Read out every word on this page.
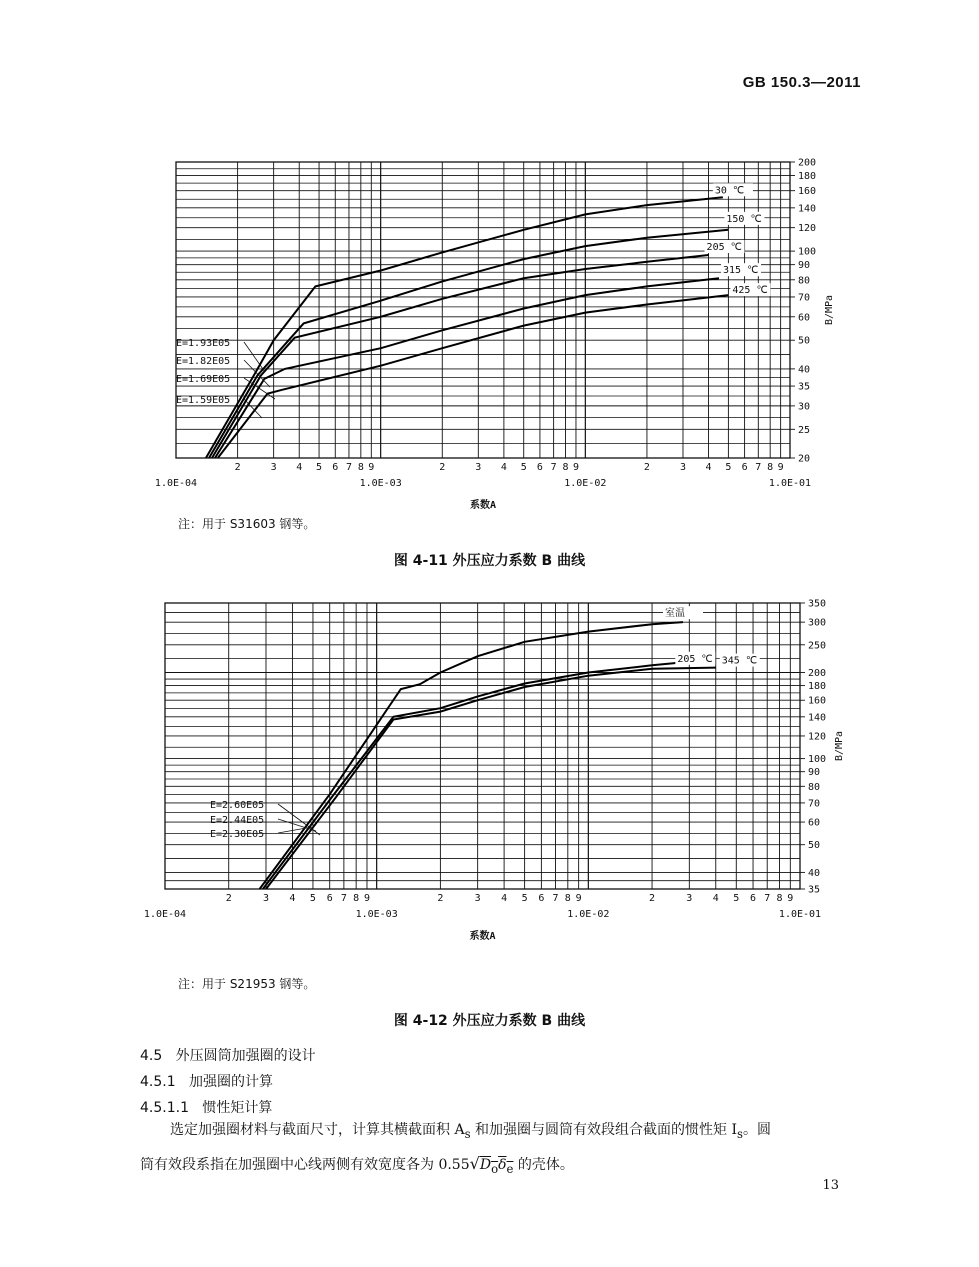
GB 150.3—2011
2	3 4 5 6 7 8 9	2	3 4 5 6 7 8 9	2	3 4 5 6 7 8 9
1.0E-04	1.0E-03	1.0E-02	1.0E-01
系数A
20
25
30
35
40
50
60
70
80
90
100
120
140
160
180
200
B/MPa
30 ℃
150 ℃
205 ℃
315 ℃
425 ℃
E=1.93E05
E=1.82E05
E=1.69E05
E=1.59E05
注：用于 S31603 钢等。
图 4-11 外压应力系数 B 曲线
2	3 4 5 6 7 8 9	2	3 4 5 6 7 8 9	2	3 4 5 6 7 8 9
1.0E-04	1.0E-03	1.0E-02	1.0E-01
系数A
35
40
50
60
70
80
90
100
120
140
160
180
200
250
300
350
B/MPa
室温
205 ℃ 345 ℃
E=2.60E05
E=2.44E05
E=2.30E05
注：用于 S21953 钢等。
图 4-12 外压应力系数 B 曲线
4.5 外压圆筒加强圈的设计
4.5.1 加强圈的计算
4.5.1.1 惯性矩计算
选定加强圈材料与截面尺寸，计算其横截面积 $A_s$ 和加强圈与圆筒有效段组合截面的惯性矩 $I_s$。圆
筒有效段系指在加强圈中心线两侧有效宽度各为 $0.55√D_o\delta_e$ 的壳体。
13
